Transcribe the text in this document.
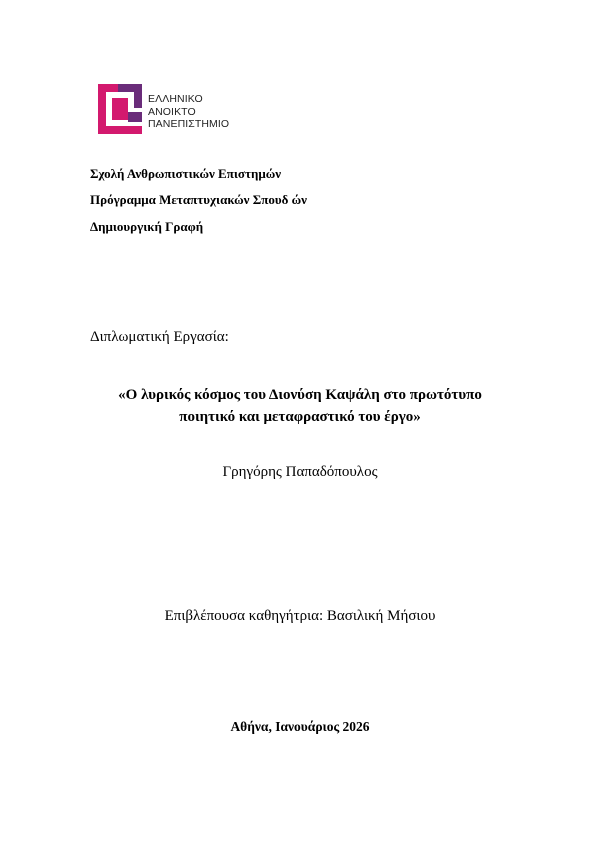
ΕΛΛΗΝΙΚΟ
ΑΝΟΙΚΤΟ
ΠΑΝΕΠΙΣΤΗΜΙΟ
Σχολή Ανθρωπιστικών Επιστημών
Πρόγραμμα Μεταπτυχιακών Σπουδ ών
Δημιουργική Γραφή
Διπλωματική Εργασία:
«Ο λυρικός κόσμος του Διονύση Καψάλη στο πρωτότυπο
ποιητικό και μεταφραστικό του έργο»
Γρηγόρης Παπαδόπουλος
Επιβλέπουσα καθηγήτρια: Βασιλική Μήσιου
Αθήνα, Ιανουάριος 2026
